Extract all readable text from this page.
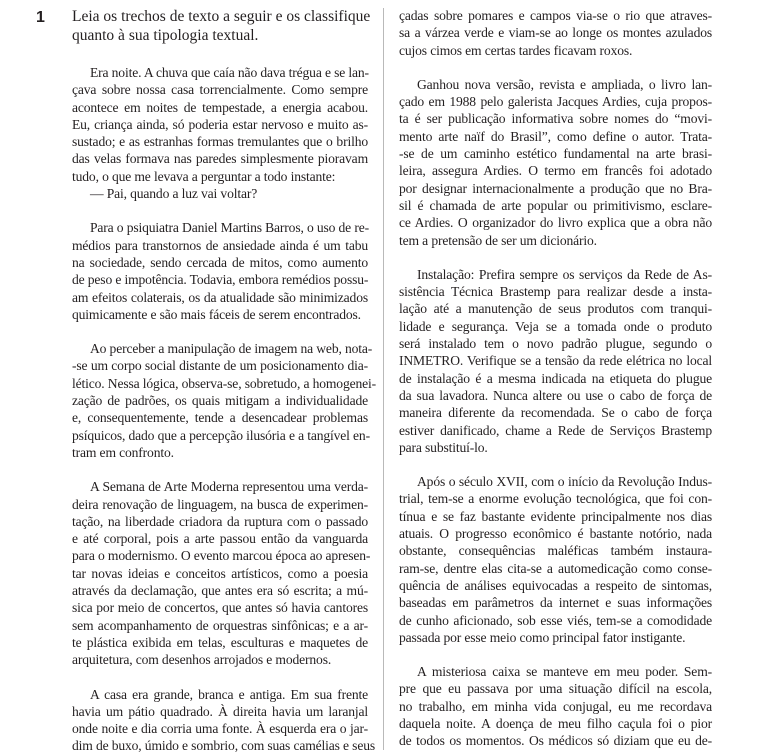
1 Leia os trechos de texto a seguir e os classifique
quanto à sua tipologia textual.
Era noite. A chuva que caía não dava trégua e se lan-
çava sobre nossa casa torrencialmente. Como sempre
acontece em noites de tempestade, a energia acabou.
Eu, criança ainda, só poderia estar nervoso e muito as-
sustado; e as estranhas formas tremulantes que o brilho
das velas formava nas paredes simplesmente pioravam
tudo, o que me levava a perguntar a todo instante:
— Pai, quando a luz vai voltar?
Para o psiquiatra Daniel Martins Barros, o uso de re-
médios para transtornos de ansiedade ainda é um tabu
na sociedade, sendo cercada de mitos, como aumento
de peso e impotência. Todavia, embora remédios possu-
am efeitos colaterais, os da atualidade são minimizados
quimicamente e são mais fáceis de serem encontrados.
Ao perceber a manipulação de imagem na web, nota-
-se um corpo social distante de um posicionamento dia-
lético. Nessa lógica, observa-se, sobretudo, a homogenei-
zação de padrões, os quais mitigam a individualidade
e, consequentemente, tende a desencadear problemas
psíquicos, dado que a percepção ilusória e a tangível en-
tram em confronto.
A Semana de Arte Moderna representou uma verda-
deira renovação de linguagem, na busca de experimen-
tação, na liberdade criadora da ruptura com o passado
e até corporal, pois a arte passou então da vanguarda
para o modernismo. O evento marcou época ao apresen-
tar novas ideias e conceitos artísticos, como a poesia
através da declamação, que antes era só escrita; a mú-
sica por meio de concertos, que antes só havia cantores
sem acompanhamento de orquestras sinfônicas; e a ar-
te plástica exibida em telas, esculturas e maquetes de
arquitetura, com desenhos arrojados e modernos.
A casa era grande, branca e antiga. Em sua frente
havia um pátio quadrado. À direita havia um laranjal
onde noite e dia corria uma fonte. À esquerda era o jar-
dim de buxo, úmido e sombrio, com suas camélias e seus
çadas sobre pomares e campos via-se o rio que atraves-
sa a várzea verde e viam-se ao longe os montes azulados
cujos cimos em certas tardes ficavam roxos.
Ganhou nova versão, revista e ampliada, o livro lan-
çado em 1988 pelo galerista Jacques Ardies, cuja propos-
ta é ser publicação informativa sobre nomes do “movi-
mento arte naïf do Brasil”, como define o autor. Trata-
-se de um caminho estético fundamental na arte brasi-
leira, assegura Ardies. O termo em francês foi adotado
por designar internacionalmente a produção que no Bra-
sil é chamada de arte popular ou primitivismo, esclare-
ce Ardies. O organizador do livro explica que a obra não
tem a pretensão de ser um dicionário.
Instalação: Prefira sempre os serviços da Rede de As-
sistência Técnica Brastemp para realizar desde a insta-
lação até a manutenção de seus produtos com tranqui-
lidade e segurança. Veja se a tomada onde o produto
será instalado tem o novo padrão plugue, segundo o
INMETRO. Verifique se a tensão da rede elétrica no local
de instalação é a mesma indicada na etiqueta do plugue
da sua lavadora. Nunca altere ou use o cabo de força de
maneira diferente da recomendada. Se o cabo de força
estiver danificado, chame a Rede de Serviços Brastemp
para substituí-lo.
Após o século XVII, com o início da Revolução Indus-
trial, tem-se a enorme evolução tecnológica, que foi con-
tínua e se faz bastante evidente principalmente nos dias
atuais. O progresso econômico é bastante notório, nada
obstante, consequências maléficas também instaura-
ram-se, dentre elas cita-se a automedicação como conse-
quência de análises equivocadas a respeito de sintomas,
baseadas em parâmetros da internet e suas informações
de cunho aficionado, sob esse viés, tem-se a comodidade
passada por esse meio como principal fator instigante.
A misteriosa caixa se manteve em meu poder. Sem-
pre que eu passava por uma situação difícil na escola,
no trabalho, em minha vida conjugal, eu me recordava
daquela noite. A doença de meu filho caçula foi o pior
de todos os momentos. Os médicos só diziam que eu de-
